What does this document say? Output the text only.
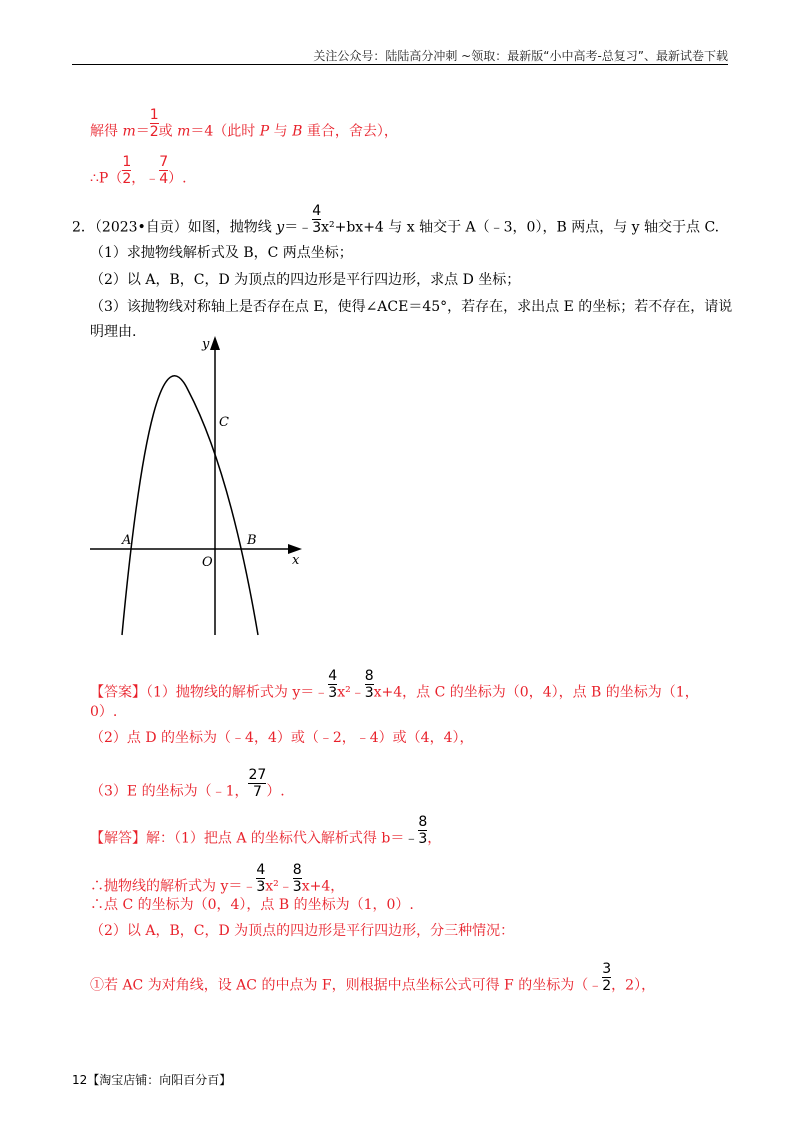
关注公众号：陆陆高分冲刺 ~领取：最新版“小中高考-总复习”、最新试卷下载
解得 $m= \frac{1}{2}$ 或 m＝4（此时 P 与 B 重合，舍去），
∴P（ $\frac{1}{2}$ ，﹣ $\frac{7}{4}$ ）.
2．（2023•自贡）如图，抛物线 y＝﹣ $\frac{4}{3} x^2+bx+4$ 与 x 轴交于 A（﹣3，0），B 两点，与 y 轴交于点 C.
（1）求抛物线解析式及 B，C 两点坐标；
（2）以 A，B，C，D 为顶点的四边形是平行四边形，求点 D 坐标；
（3）该抛物线对称轴上是否存在点 E，使得∠ACE＝45°，若存在，求出点 E 的坐标；若不存在，请说
明理由.
y
x
A	B
C
O
【答案】（1）抛物线的解析式为 y＝﹣ $\frac{4}{3}$ x²﹣ $\frac{8}{3} x+4$，点 C 的坐标为（0，4），点 B 的坐标为（1，
0）.
（2）点 D 的坐标为（﹣4，4）或（﹣2，﹣4）或（4，4），
（3）E 的坐标为（﹣1， $\frac{27}{7}$ ）.
【解答】解：（1）把点 A 的坐标代入解析式得 b＝﹣ $\frac{8}{3}$ ，
∴抛物线的解析式为 y＝﹣ $\frac{4}{3}$ x²﹣ $\frac{8}{3} x+4$，
∴点 C 的坐标为（0，4），点 B 的坐标为（1，0）.
（2）以 A，B，C，D 为顶点的四边形是平行四边形，分三种情况：
①若 AC 为对角线，设 AC 的中点为 F，则根据中点坐标公式可得 F 的坐标为（﹣ $\frac{3}{2}$ ，2），
12【淘宝店铺：向阳百分百】
